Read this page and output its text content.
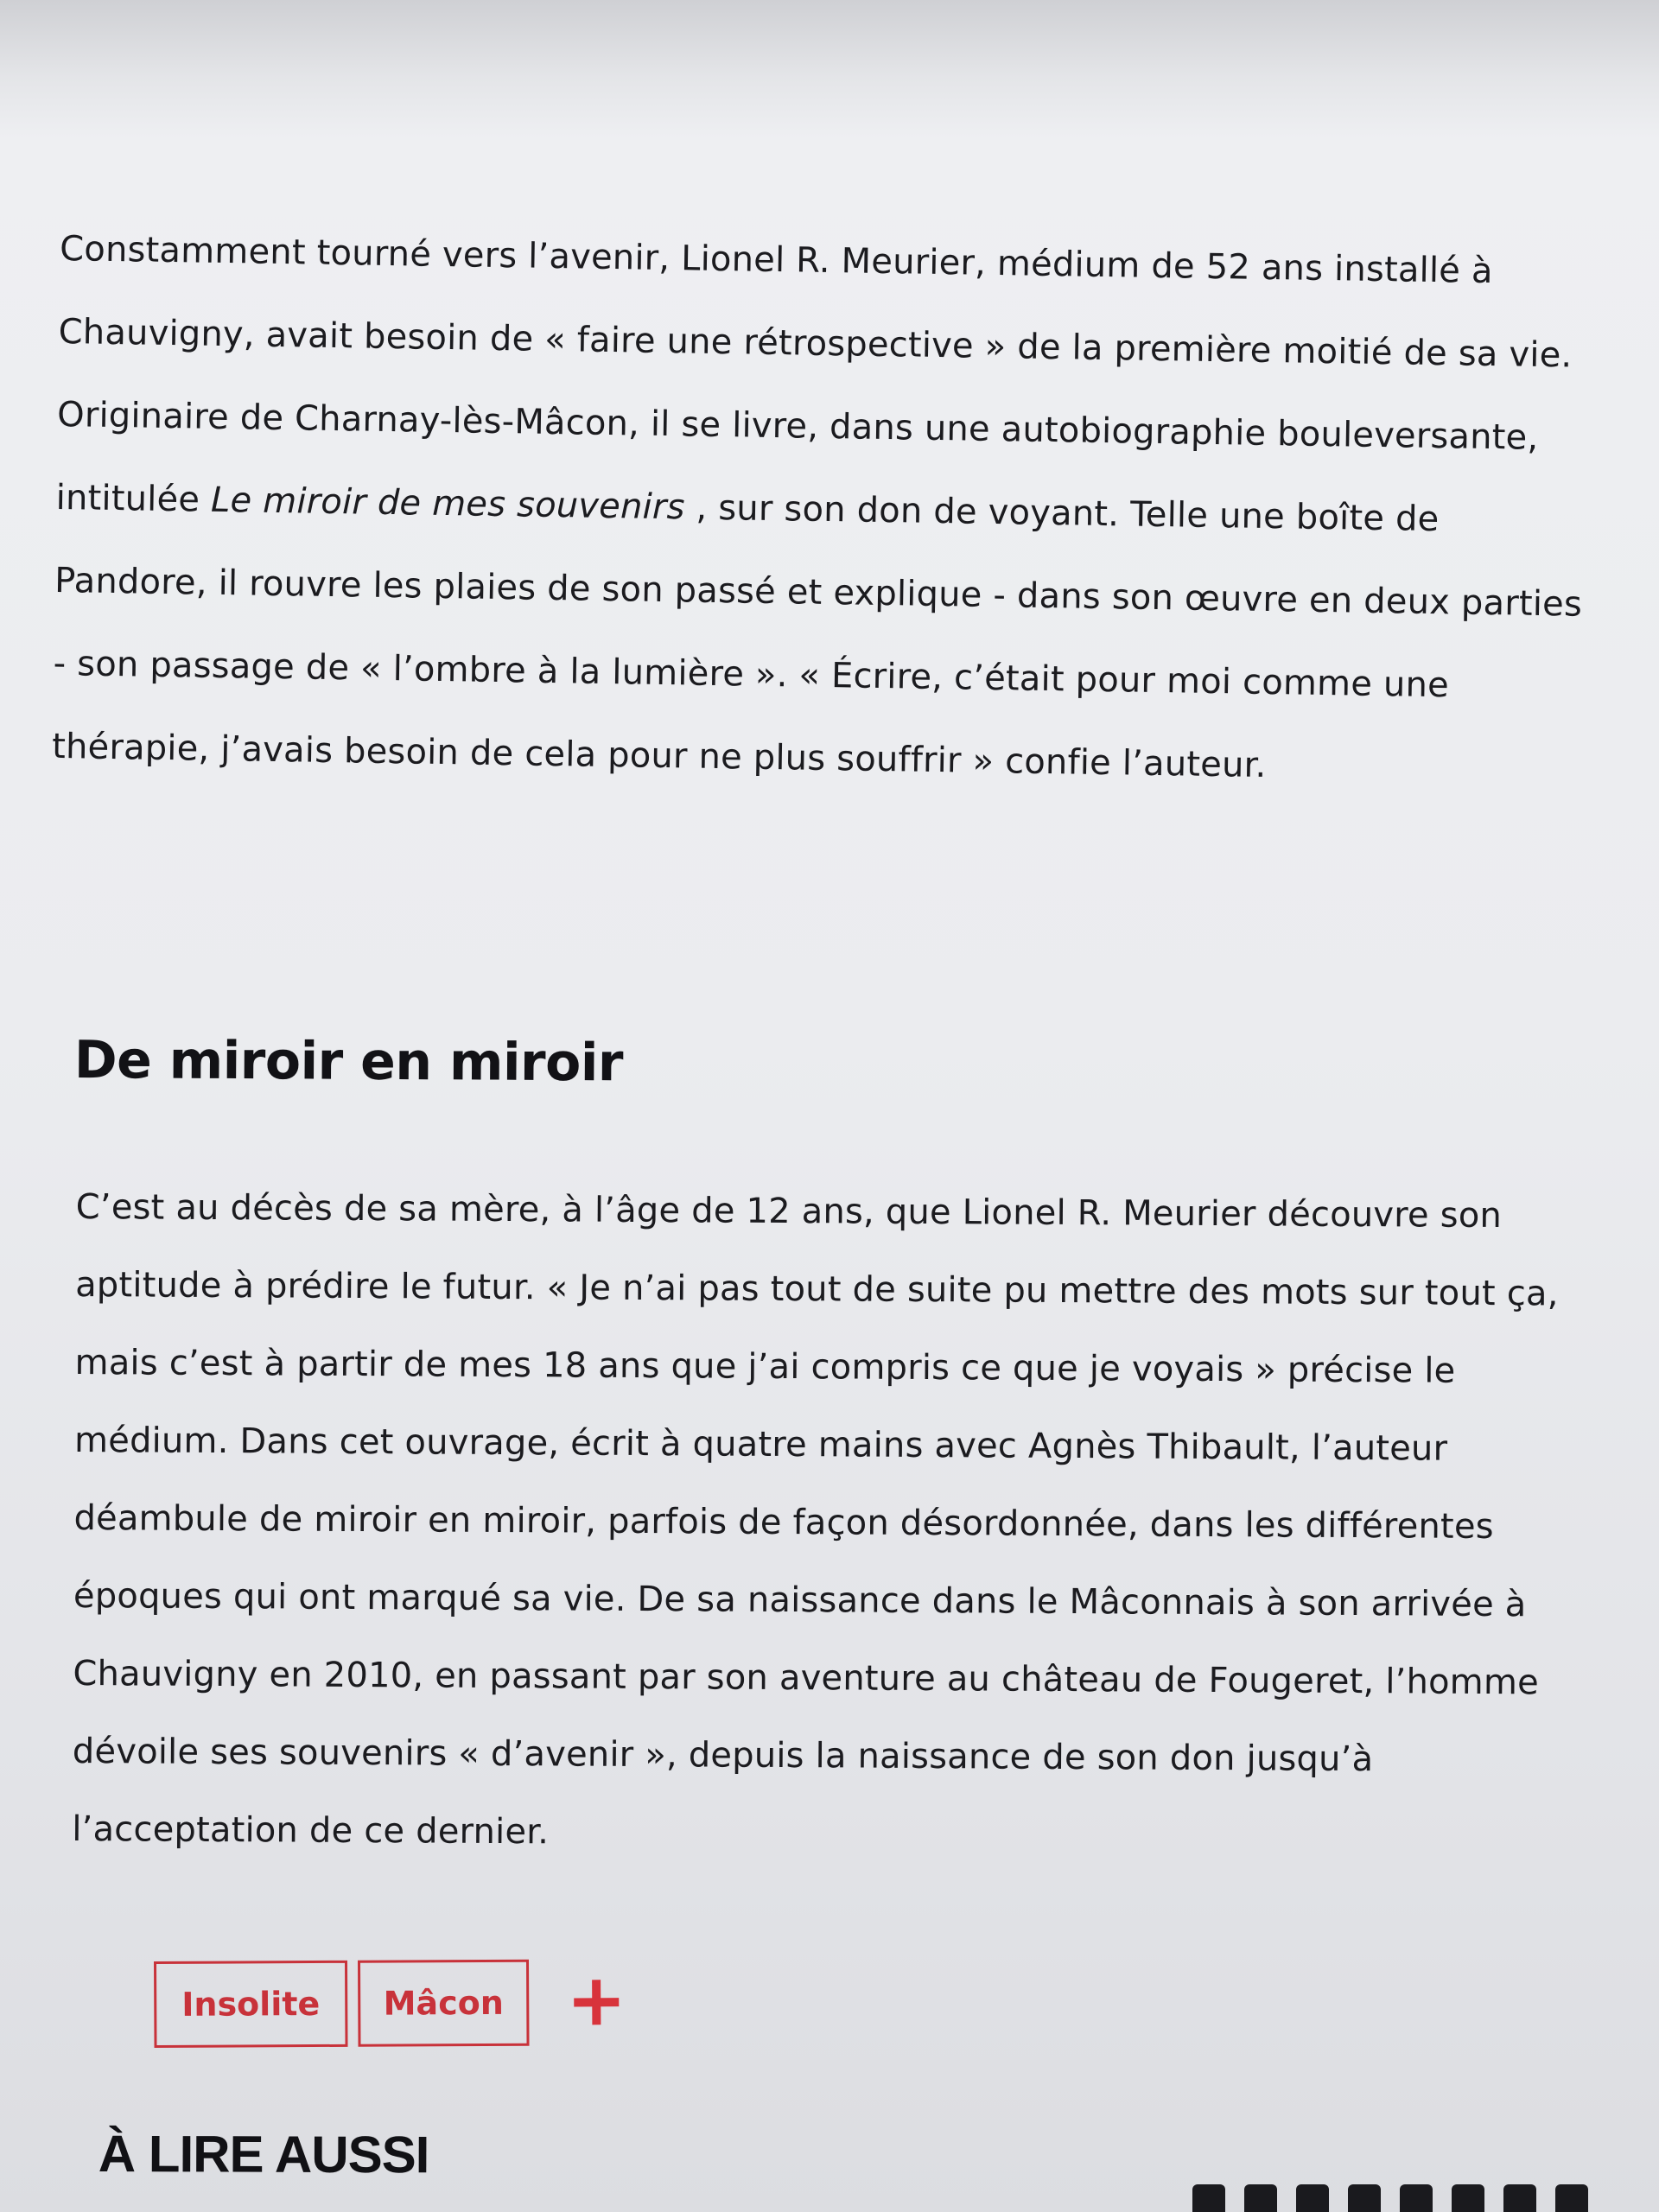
Constamment tourné vers l’avenir, Lionel R. Meurier, médium de 52 ans installé à Chauvigny, avait besoin de « faire une rétrospective » de la première moitié de sa vie. Originaire de Charnay-lès-Mâcon, il se livre, dans une autobiographie bouleversante, intitulée Le miroir de mes souvenirs , sur son don de voyant. Telle une boîte de Pandore, il rouvre les plaies de son passé et explique - dans son œuvre en deux parties - son passage de « l’ombre à la lumière ». « Écrire, c’était pour moi comme une thérapie, j’avais besoin de cela pour ne plus souffrir » confie l’auteur.

De miroir en miroir

C’est au décès de sa mère, à l’âge de 12 ans, que Lionel R. Meurier découvre son aptitude à prédire le futur. « Je n’ai pas tout de suite pu mettre des mots sur tout ça, mais c’est à partir de mes 18 ans que j’ai compris ce que je voyais » précise le médium. Dans cet ouvrage, écrit à quatre mains avec Agnès Thibault, l’auteur déambule de miroir en miroir, parfois de façon désordonnée, dans les différentes époques qui ont marqué sa vie. De sa naissance dans le Mâconnais à son arrivée à Chauvigny en 2010, en passant par son aventure au château de Fougeret, l’homme dévoile ses souvenirs « d’avenir », depuis la naissance de son don jusqu’à l’acceptation de ce dernier.

Insolite	Mâcon
À LIRE AUSSI
